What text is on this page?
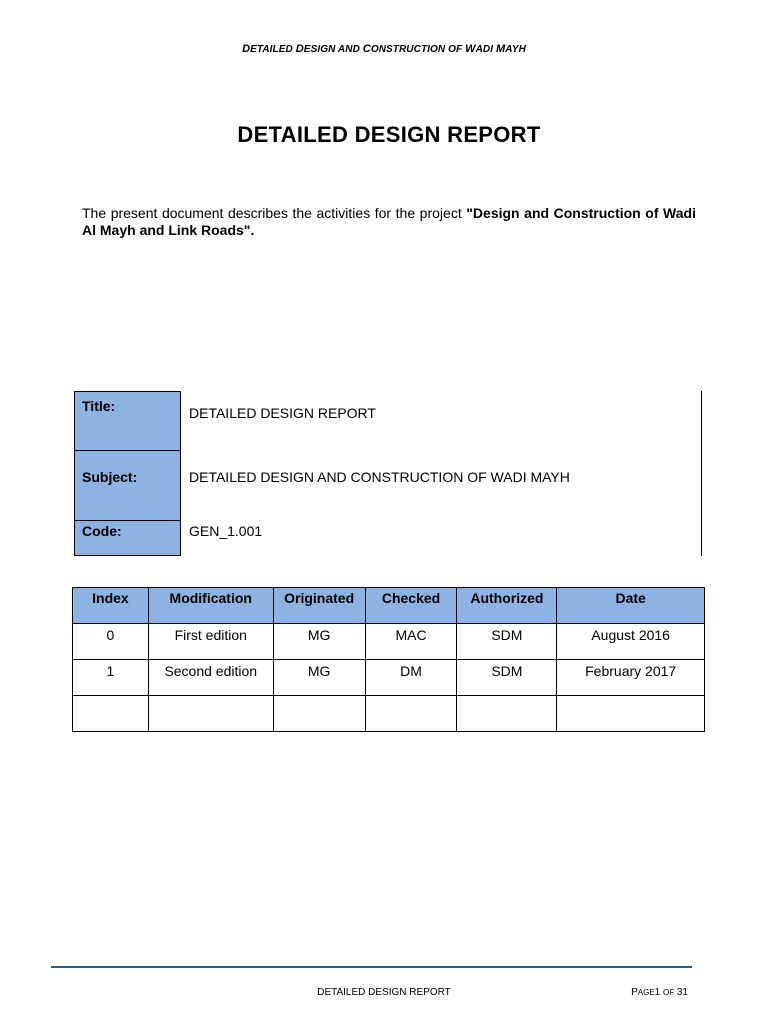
DETAILED DESIGN AND CONSTRUCTION OF WADI MAYH
DETAILED DESIGN REPORT
The present document describes the activities for the project "Design and Construction of Wadi Al Mayh and Link Roads".
Title:	DETAILED DESIGN REPORT
Subject:	DETAILED DESIGN AND CONSTRUCTION OF WADI MAYH
Code:	GEN_1.001
Index	Modification	Originated	Checked	Authorized	Date
0	First edition	MG	MAC	SDM	August 2016
1	Second edition	MG	DM	SDM	February 2017

DETAILED DESIGN REPORT	PAGE1 OF 31
